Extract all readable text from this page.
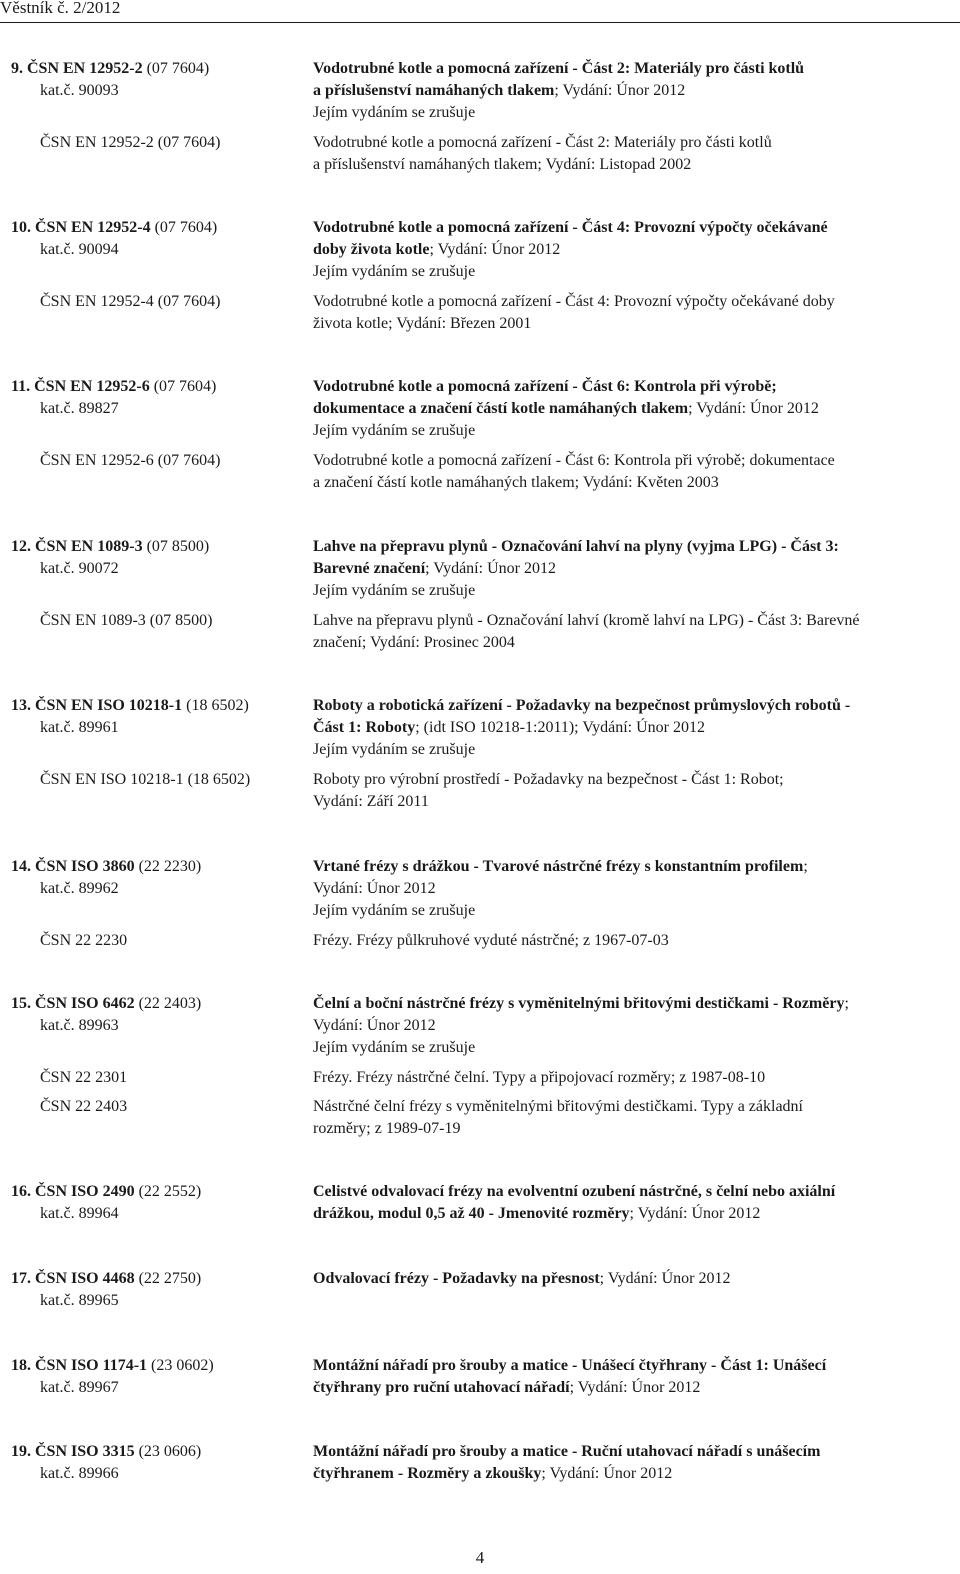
Věstník č. 2/2012
9. ČSN EN 12952-2 (07 7604)	Vodotrubné kotle a pomocná zařízení - Část 2: Materiály pro části kotlů
kat.č. 90093	a příslušenství namáhaných tlakem; Vydání: Únor 2012
Jejím vydáním se zrušuje
ČSN EN 12952-2 (07 7604)	Vodotrubné kotle a pomocná zařízení - Část 2: Materiály pro části kotlů
a příslušenství namáhaných tlakem; Vydání: Listopad 2002
10. ČSN EN 12952-4 (07 7604)	Vodotrubné kotle a pomocná zařízení - Část 4: Provozní výpočty očekávané
kat.č. 90094	doby života kotle; Vydání: Únor 2012
Jejím vydáním se zrušuje
ČSN EN 12952-4 (07 7604)	Vodotrubné kotle a pomocná zařízení - Část 4: Provozní výpočty očekávané doby
života kotle; Vydání: Březen 2001
11. ČSN EN 12952-6 (07 7604)	Vodotrubné kotle a pomocná zařízení - Část 6: Kontrola při výrobě;
kat.č. 89827	dokumentace a značení částí kotle namáhaných tlakem; Vydání: Únor 2012
Jejím vydáním se zrušuje
ČSN EN 12952-6 (07 7604)	Vodotrubné kotle a pomocná zařízení - Část 6: Kontrola při výrobě; dokumentace
a značení částí kotle namáhaných tlakem; Vydání: Květen 2003
12. ČSN EN 1089-3 (07 8500)	Lahve na přepravu plynů - Označování lahví na plyny (vyjma LPG) - Část 3:
kat.č. 90072	Barevné značení; Vydání: Únor 2012
Jejím vydáním se zrušuje
ČSN EN 1089-3 (07 8500)	Lahve na přepravu plynů - Označování lahví (kromě lahví na LPG) - Část 3: Barevné
značení; Vydání: Prosinec 2004
13. ČSN EN ISO 10218-1 (18 6502)	Roboty a robotická zařízení - Požadavky na bezpečnost průmyslových robotů -
kat.č. 89961	Část 1: Roboty; (idt ISO 10218-1:2011); Vydání: Únor 2012
Jejím vydáním se zrušuje
ČSN EN ISO 10218-1 (18 6502)	Roboty pro výrobní prostředí - Požadavky na bezpečnost - Část 1: Robot;
Vydání: Září 2011
14. ČSN ISO 3860 (22 2230)	Vrtané frézy s drážkou - Tvarové nástrčné frézy s konstantním profilem;
kat.č. 89962	Vydání: Únor 2012
Jejím vydáním se zrušuje
ČSN 22 2230	Frézy. Frézy půlkruhové vyduté nástrčné; z 1967-07-03
15. ČSN ISO 6462 (22 2403)	Čelní a boční nástrčné frézy s vyměnitelnými břitovými destičkami - Rozměry;
kat.č. 89963	Vydání: Únor 2012
Jejím vydáním se zrušuje
ČSN 22 2301	Frézy. Frézy nástrčné čelní. Typy a připojovací rozměry; z 1987-08-10
ČSN 22 2403	Nástrčné čelní frézy s vyměnitelnými břitovými destičkami. Typy a základní
rozměry; z 1989-07-19
16. ČSN ISO 2490 (22 2552)	Celistvé odvalovací frézy na evolventní ozubení nástrčné, s čelní nebo axiální
kat.č. 89964	drážkou, modul 0,5 až 40 - Jmenovité rozměry; Vydání: Únor 2012
17. ČSN ISO 4468 (22 2750)	Odvalovací frézy - Požadavky na přesnost; Vydání: Únor 2012
kat.č. 89965
18. ČSN ISO 1174-1 (23 0602)	Montážní nářadí pro šrouby a matice - Unášecí čtyřhrany - Část 1: Unášecí
kat.č. 89967	čtyřhrany pro ruční utahovací nářadí; Vydání: Únor 2012
19. ČSN ISO 3315 (23 0606)	Montážní nářadí pro šrouby a matice - Ruční utahovací nářadí s unášecím
kat.č. 89966	čtyřhranem - Rozměry a zkoušky; Vydání: Únor 2012
4
